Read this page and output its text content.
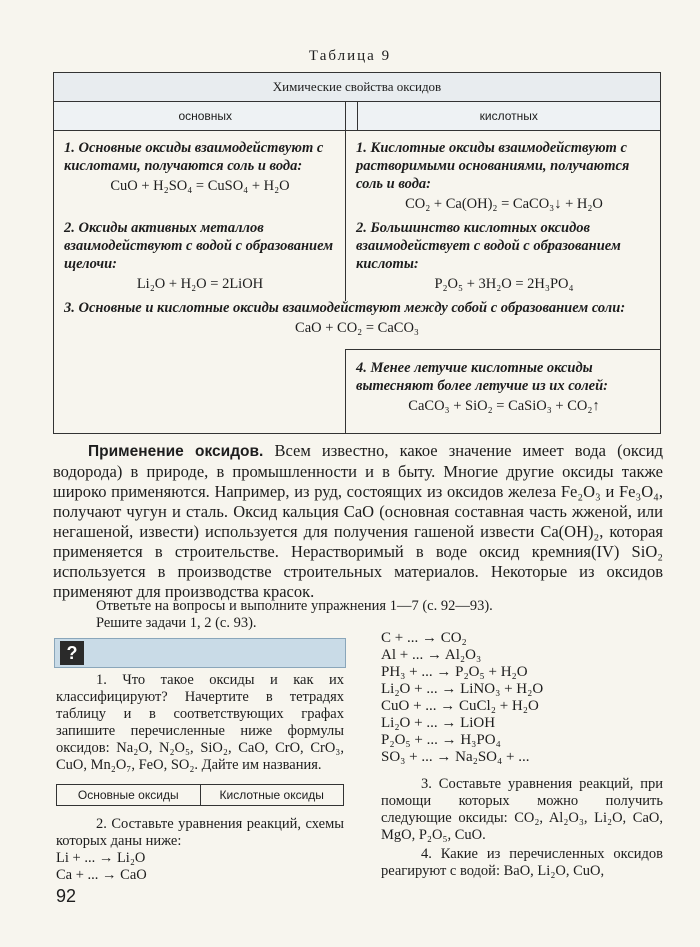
Таблица 9
Химические свойства оксидов
основных	кислотных
1. Основные оксиды взаимодействуют с кислотами, получаются соль и вода:
CuO + H₂SO₄ = CuSO₄ + H₂O
2. Оксиды активных металлов взаимодействуют с водой с образованием щелочи:
Li₂O + H₂O = 2LiOH
1. Кислотные оксиды взаимодействуют с растворимыми основаниями, получаются соль и вода:
CO₂ + Ca(OH)₂ = CaCO₃↓ + H₂O
2. Большинство кислотных оксидов взаимодействует с водой с образованием кислоты:
P₂O₅ + 3H₂O = 2H₃PO₄
3. Основные и кислотные оксиды взаимодействуют между собой с образованием соли:
CaO + CO₂ = CaCO₃
4. Менее летучие кислотные оксиды вытесняют более летучие из их солей:
CaCO₃ + SiO₂ = CaSiO₃ + CO₂↑
Применение оксидов. Всем известно, какое значение имеет вода (оксид водорода) в природе, в промышленности и в быту. Многие другие оксиды также широко применяются. Например, из руд, состоящих из оксидов железа Fe₂O₃ и Fe₃O₄, получают чугун и сталь. Оксид кальция CaO (основная составная часть жженой, или негашеной, извести) используется для получения гашеной извести Ca(OH)₂, которая применяется в строительстве. Нерастворимый в воде оксид кремния(IV) SiO₂ используется в производстве строительных материалов. Некоторые из оксидов применяют для производства красок.
Ответьте на вопросы и выполните упражнения 1—7 (с. 92—93).
Решите задачи 1, 2 (с. 93).
?
1. Что такое оксиды и как их классифицируют? Начертите в тетрадях таблицу и в соответствующих графах запишите перечисленные ниже формулы оксидов: Na₂O, N₂O₅, SiO₂, CaO, CrO, CrO₃, CuO, Mn₂O₇, FeO, SO₂. Дайте им названия.
Основные оксиды	Кислотные оксиды
2. Составьте уравнения реакций, схемы которых даны ниже:
Li + ... → Li₂O
Ca + ... → CaO
C + ... → CO₂
Al + ... → Al₂O₃
PH₃ + ... → P₂O₅ + H₂O
Li₂O + ... → LiNO₃ + H₂O
CuO + ... → CuCl₂ + H₂O
Li₂O + ... → LiOH
P₂O₅ + ... → H₃PO₄
SO₃ + ... → Na₂SO₄ + ...
3. Составьте уравнения реакций, при помощи которых можно получить следующие оксиды: CO₂, Al₂O₃, Li₂O, CaO, MgO, P₂O₅, CuO.
4. Какие из перечисленных оксидов реагируют с водой: BaO, Li₂O, CuO,
92
